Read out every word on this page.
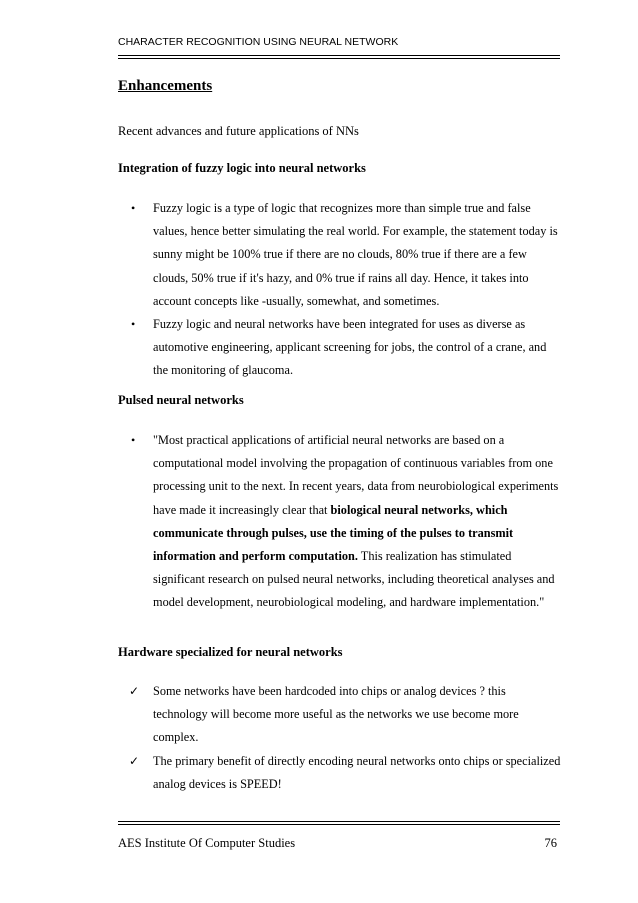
CHARACTER RECOGNITION USING NEURAL NETWORK
Enhancements
Recent advances and future applications of NNs
Integration of fuzzy logic into neural networks
• Fuzzy logic is a type of logic that recognizes more than simple true and false values, hence better simulating the real world. For example, the statement today is sunny might be 100% true if there are no clouds, 80% true if there are a few clouds, 50% true if it's hazy, and 0% true if rains all day. Hence, it takes into account concepts like -usually, somewhat, and sometimes.
• Fuzzy logic and neural networks have been integrated for uses as diverse as automotive engineering, applicant screening for jobs, the control of a crane, and the monitoring of glaucoma.
Pulsed neural networks
• "Most practical applications of artificial neural networks are based on a computational model involving the propagation of continuous variables from one processing unit to the next. In recent years, data from neurobiological experiments have made it increasingly clear that biological neural networks, which communicate through pulses, use the timing of the pulses to transmit information and perform computation. This realization has stimulated significant research on pulsed neural networks, including theoretical analyses and model development, neurobiological modeling, and hardware implementation."
Hardware specialized for neural networks
✓ Some networks have been hardcoded into chips or analog devices ? this technology will become more useful as the networks we use become more complex.
✓ The primary benefit of directly encoding neural networks onto chips or specialized analog devices is SPEED!
AES Institute Of Computer Studies	76
